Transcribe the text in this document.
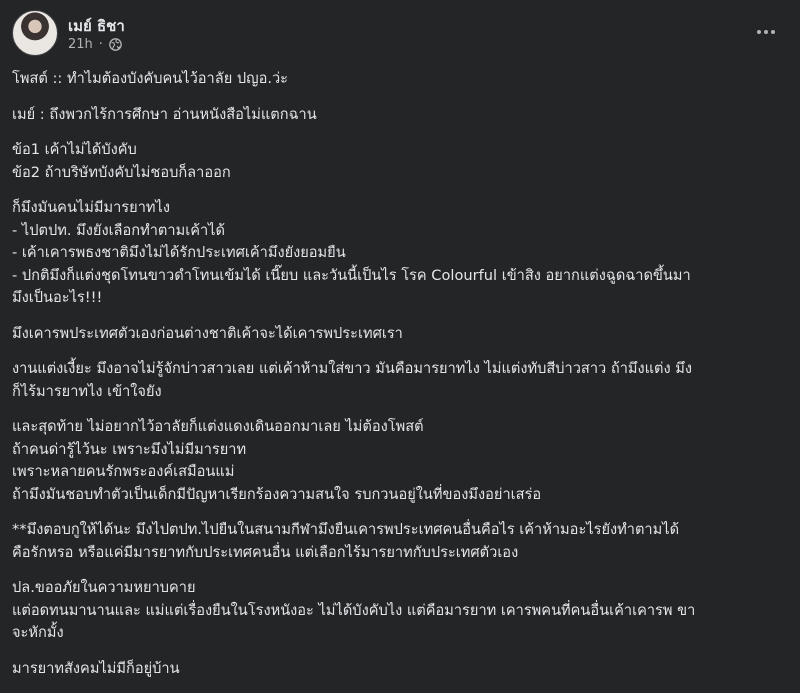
เมย์ ธิชา
21h ·
โพสต์ :: ทำไมต้องบังคับคนไว้อาลัย ปญอ.ว่ะ
เมย์ : ถึงพวกไร้การศึกษา อ่านหนังสือไม่แตกฉาน
ข้อ1 เค้าไม่ได้บังคับ
ข้อ2 ถ้าบริษัทบังคับไม่ชอบก็ลาออก
ก็มึงมันคนไม่มีมารยาทไง
- ไปตปท. มึงยังเลือกทำตามเค้าได้
- เค้าเคารพธงชาติมึงไม่ได้รักประเทศเค้ามึงยังยอมยืน
- ปกติมึงก็แต่งชุดโทนขาวดำโทนเข้มได้ เนี๊ยบ และวันนี้เป็นไร โรค Colourful เข้าสิง อยากแต่งฉูดฉาดขึ้นมา
มึงเป็นอะไร!!!
มึงเคารพประเทศตัวเองก่อนต่างชาติเค้าจะได้เคารพประเทศเรา
งานแต่งเงี้ยะ มึงอาจไม่รู้จักบ่าวสาวเลย แต่เค้าห้ามใส่ขาว มันคือมารยาทไง ไม่แต่งทับสีบ่าวสาว ถ้ามึงแต่ง มึง
ก็ไร้มารยาทไง เข้าใจยัง
และสุดท้าย ไม่อยากไว้อาลัยก็แต่งแดงเดินออกมาเลย ไม่ต้องโพสต์
ถ้าคนด่ารู้ไว้นะ เพราะมึงไม่มีมารยาท
เพราะหลายคนรักพระองค์เสมือนแม่
ถ้ามึงมันชอบทำตัวเป็นเด็กมีปัญหาเรียกร้องความสนใจ รบกวนอยู่ในที่ของมึงอย่าเสร่อ
**มึงตอบกูให้ได้นะ มึงไปตปท.ไปยืนในสนามกีฬามึงยืนเคารพประเทศคนอื่นคือไร เค้าห้ามอะไรยังทำตามได้
คือรักหรอ หรือแค่มีมารยาทกับประเทศคนอื่น แต่เลือกไร้มารยาทกับประเทศตัวเอง
ปล.ขออภัยในความหยาบคาย
แต่อดทนมานานและ แม่แต่เรื่องยืนในโรงหนังอะ ไม่ได้บังคับไง แต่คือมารยาท เคารพคนที่คนอื่นเค้าเคารพ ขา
จะหักมั้ง
มารยาทสังคมไม่มีก็อยู่บ้าน
